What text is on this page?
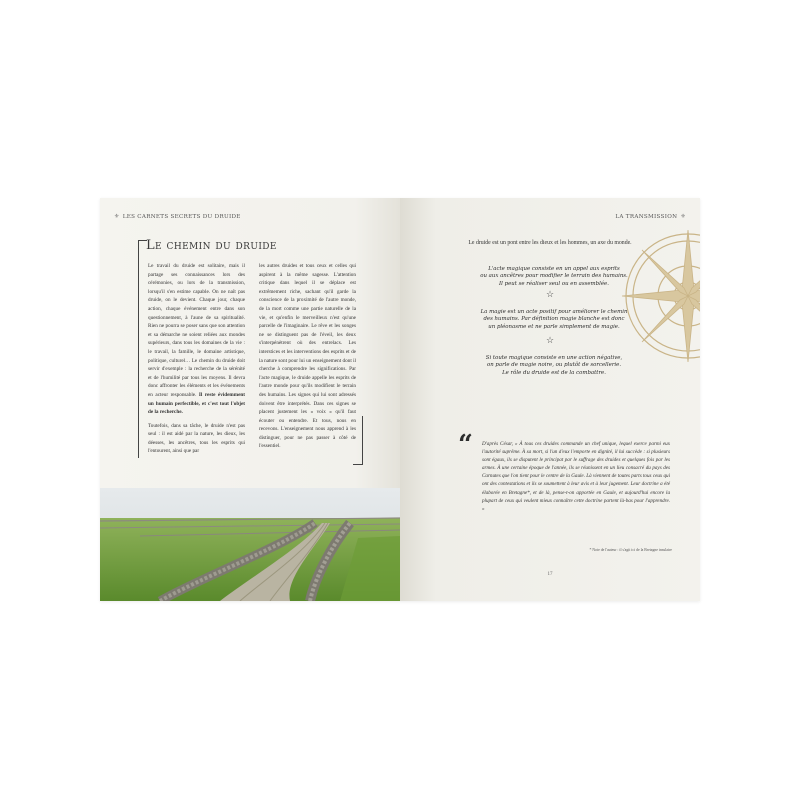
⚜ LES CARNETS SECRETS DU DRUIDE
Le chemin du druide

Le travail du druide est solitaire, mais il partage ses connaissances lors des cérémonies, ou lors de la transmission, lorsqu'il s'en estime capable. On ne naît pas druide, on le devient. Chaque jour, chaque action, chaque événement entre dans son questionnement, à l'aune de sa spiritualité. Rien ne pourra se poser sans que son attention et sa démarche ne soient reliées aux mondes supérieurs, dans tous les domaines de la vie : le travail, la famille, le domaine artistique, politique, culturel… Le chemin du druide doit servir d'exemple : la recherche de la sérénité et de l'humilité par tous les moyens. Il devra donc affronter les éléments et les événements en acteur responsable. Il reste évidemment un humain perfectible, et c'est tout l'objet de la recherche.

Toutefois, dans sa tâche, le druide n'est pas seul : il est aidé par la nature, les dieux, les déesses, les ancêtres, tous les esprits qui l'entourent, ainsi que par

les autres druides et tous ceux et celles qui aspirent à la même sagesse. L'attention critique dans lequel il se déplace est extrêmement riche, sachant qu'il garde la conscience de la proximité de l'autre monde, de la mort comme une partie naturelle de la vie, et qu'enfin le merveilleux n'est qu'une parcelle de l'imaginaire. Le rêve et les songes ne se distinguent pas de l'éveil, les deux s'interpénètrent où des entrelacs. Les interstices et les interventions des esprits et de la nature sont pour lui un enseignement dont il cherche à comprendre les significations. Par l'acte magique, le druide appelle les esprits de l'autre monde pour qu'ils modifient le terrain des humains. Les signes qui lui sont adressés doivent être interprétés. Dans ces signes se placent justement les « voix » qu'il faut écouter ou entendre. Et tous, nous en recevons. L'enseignement nous apprend à les distinguer, pour ne pas passer à côté de l'essentiel.

LA TRANSMISSION ⚜
Le druide est un pont entre les dieux et les hommes, un axe du monde.
L'acte magique consiste en un appel aux esprits
ou aux ancêtres pour modifier le terrain des humains.
Il peut se réaliser seul ou en assemblée.
☆
La magie est un acte positif pour améliorer le chemin
des humains. Par définition magie blanche est donc
un pléonasme et ne parle simplement de magie.
☆
Si toute magique consiste en une action négative,
on parle de magie noire, ou plutôt de sorcellerie.
Le rôle du druide est de la combattre.
“ D'après César, « À tous ces druides commande un chef unique, lequel exerce parmi eux l'autorité suprême. À sa mort, si l'un d'eux l'emporte en dignité, il lui succède : si plusieurs sont égaux, ils se disputent le principat par le suffrage des druides et quelques fois par les armes. À une certaine époque de l'année, ils se réunissent en un lieu consacré du pays des Carnutes que l'on tient pour le centre de la Gaule. Là viennent de toutes parts tous ceux qui ont des contestations et ils se soumettent à leur avis et à leur jugement. Leur doctrine a été élaborée en Bretagne*, et de là, pense-t-on apportée en Gaule, et aujourd'hui encore la plupart de ceux qui veulent mieux connaître cette doctrine partent là-bas pour l'apprendre. »
* Note de l'auteur : il s'agit ici de la Bretagne insulaire
17
